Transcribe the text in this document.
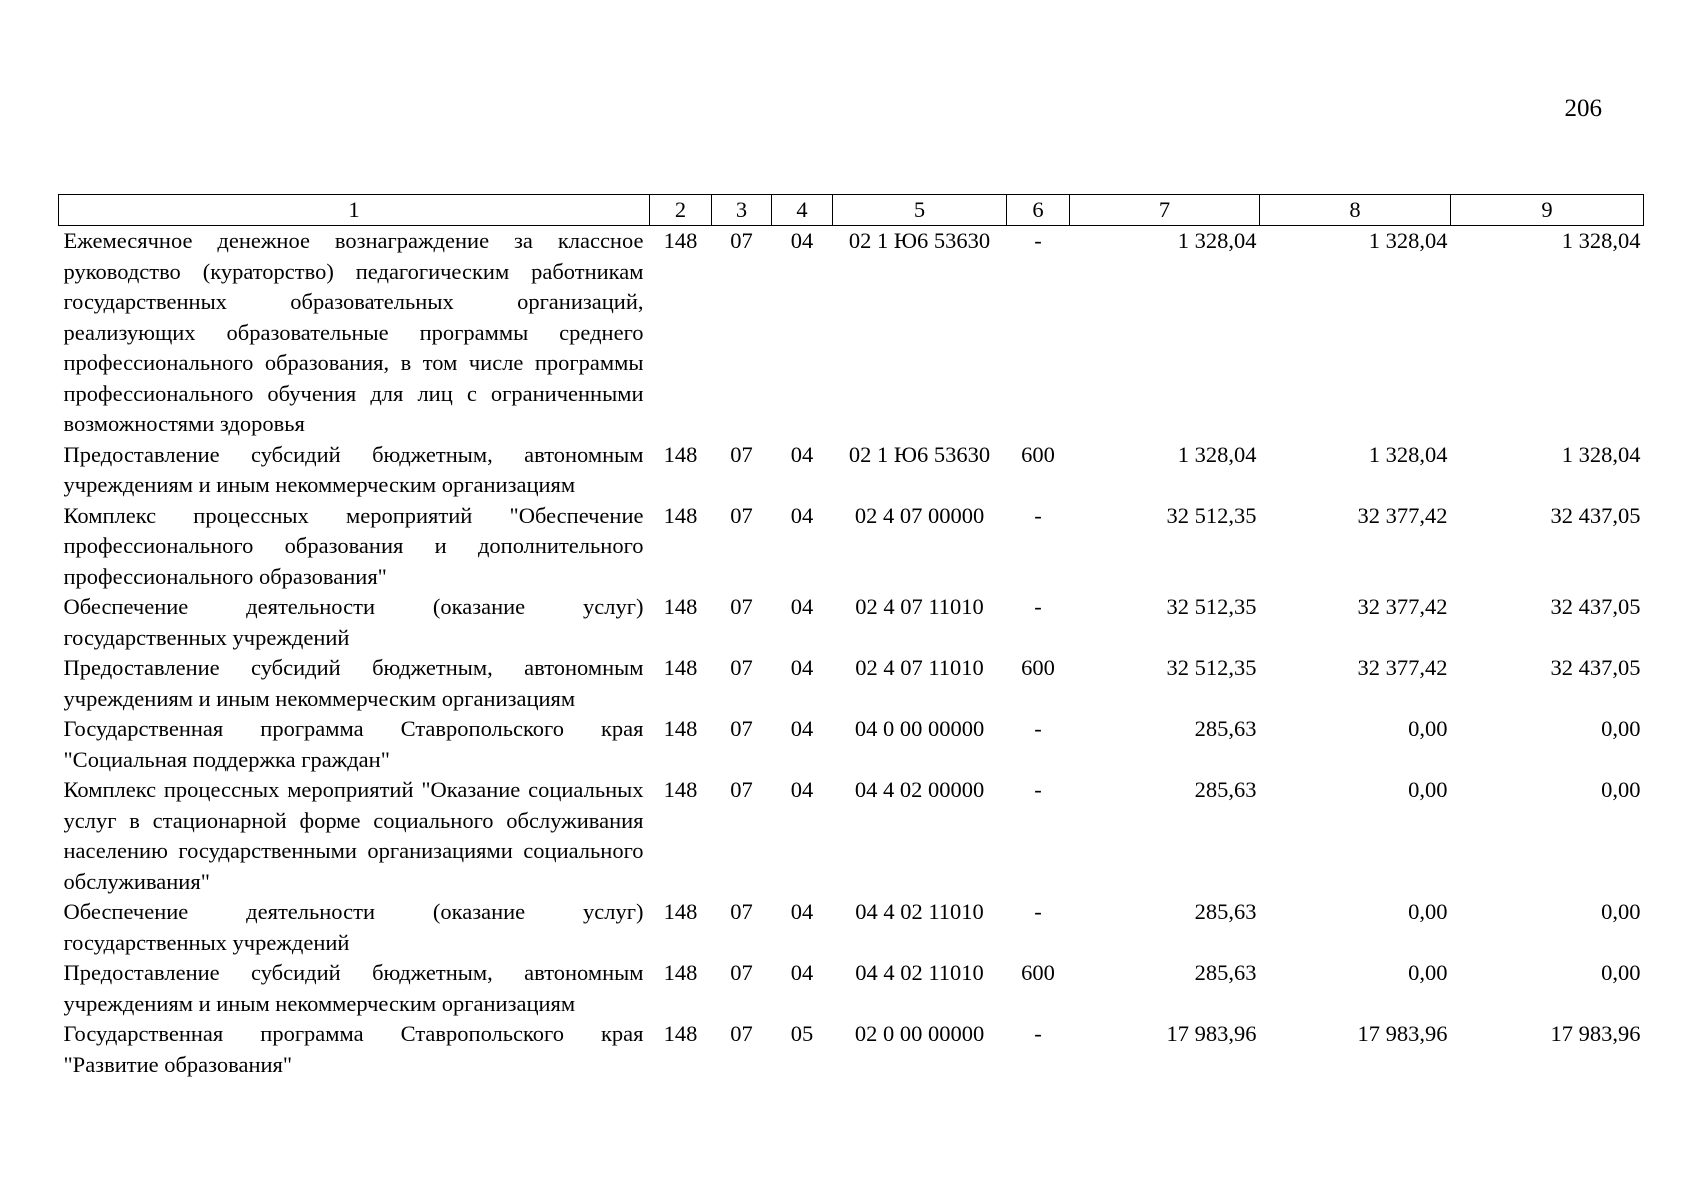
206
1	2	3	4	5	6	7	8	9
Ежемесячное денежное вознаграждение за классное руководство (кураторство) педагогическим работникам государственных образовательных организаций, реализующих образовательные программы среднего профессионального образования, в том числе программы профессионального обучения для лиц с ограниченными возможностями здоровья	148	07	04	02 1 Ю6 53630	-	1 328,04	1 328,04	1 328,04
Предоставление субсидий бюджетным, автономным учреждениям и иным некоммерческим организациям	148	07	04	02 1 Ю6 53630	600	1 328,04	1 328,04	1 328,04
Комплекс процессных мероприятий "Обеспечение профессионального образования и дополнительного профессионального образования"	148	07	04	02 4 07 00000	-	32 512,35	32 377,42	32 437,05
Обеспечение деятельности (оказание услуг) государственных учреждений	148	07	04	02 4 07 11010	-	32 512,35	32 377,42	32 437,05
Предоставление субсидий бюджетным, автономным учреждениям и иным некоммерческим организациям	148	07	04	02 4 07 11010	600	32 512,35	32 377,42	32 437,05
Государственная программа Ставропольского края "Социальная поддержка граждан"	148	07	04	04 0 00 00000	-	285,63	0,00	0,00
Комплекс процессных мероприятий "Оказание социальных услуг в стационарной форме социального обслуживания населению государственными организациями социального обслуживания"	148	07	04	04 4 02 00000	-	285,63	0,00	0,00
Обеспечение деятельности (оказание услуг) государственных учреждений	148	07	04	04 4 02 11010	-	285,63	0,00	0,00
Предоставление субсидий бюджетным, автономным учреждениям и иным некоммерческим организациям	148	07	04	04 4 02 11010	600	285,63	0,00	0,00
Государственная программа Ставропольского края "Развитие образования"	148	07	05	02 0 00 00000	-	17 983,96	17 983,96	17 983,96
